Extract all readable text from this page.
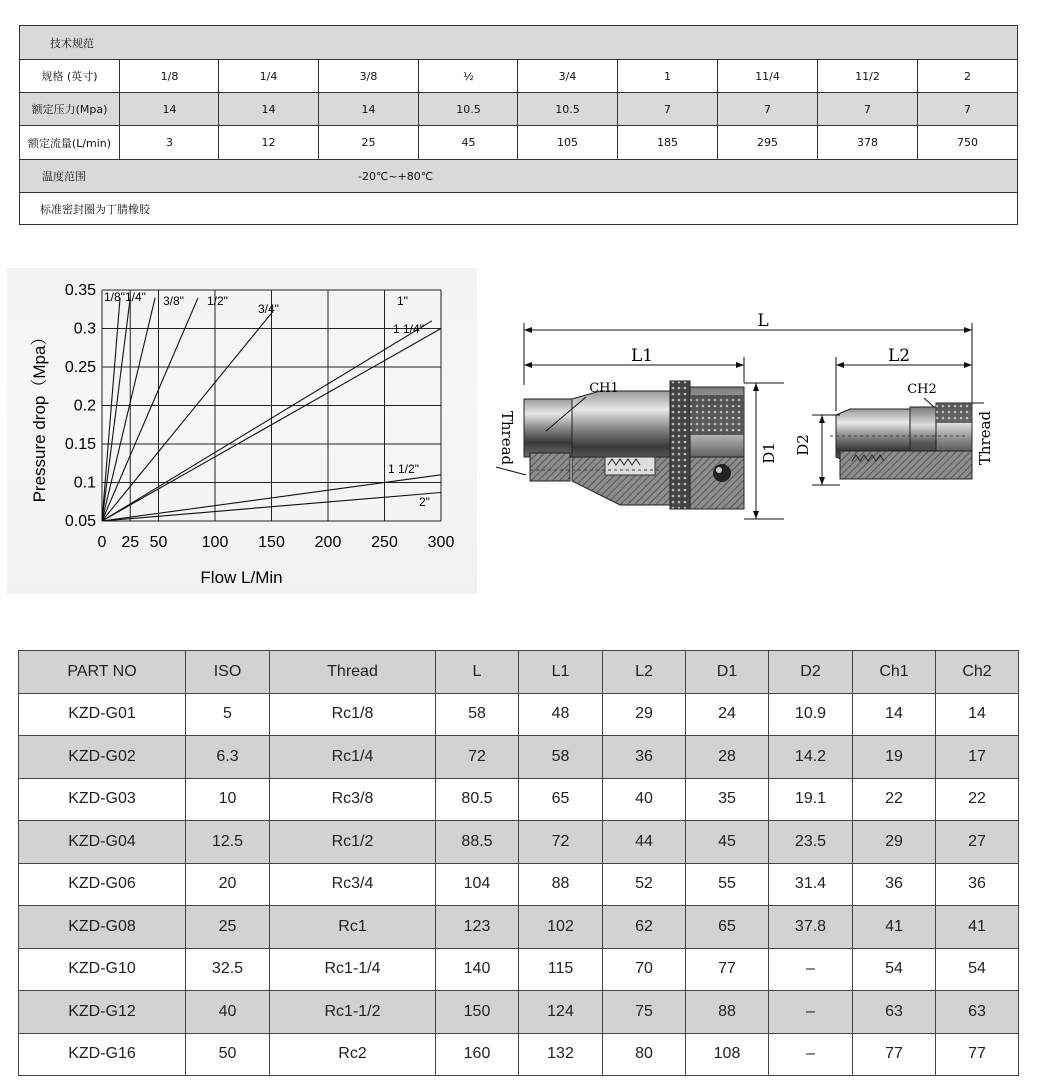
技术规范
规格 (英寸)	1/8	1/4	3/8	½	3/4	1	11/4	11/2	2
额定压力(Mpa)	14	14	14	10.5	10.5	7	7	7	7
额定流量(L/min)	3	12	25	45	105	185	295	378	750
温度范围	-20℃~+80℃
标准密封圈为丁腈橡胶
0 25 50 100 150 200 250 300
0.05
0.1
0.15
0.2
0.25
0.3
0.35
Flow L/Min
Pressure drop（Mpa）
1/8" 1/4" 3/8" 1/2"
3/4"
1"
1 1/4"
1 1/2"
2"
L
L1	L2
CH1
D1
CH2
D2
Thread	Thread
PART NO	ISO	Thread	L	L1	L2	D1	D2	Ch1	Ch2
KZD-G01	5	Rc1/8	58	48	29	24	10.9	14	14
KZD-G02	6.3	Rc1/4	72	58	36	28	14.2	19	17
KZD-G03	10	Rc3/8	80.5	65	40	35	19.1	22	22
KZD-G04	12.5	Rc1/2	88.5	72	44	45	23.5	29	27
KZD-G06	20	Rc3/4	104	88	52	55	31.4	36	36
KZD-G08	25	Rc1	123	102	62	65	37.8	41	41
KZD-G10	32.5	Rc1-1/4	140	115	70	77	–	54	54
KZD-G12	40	Rc1-1/2	150	124	75	88	–	63	63
KZD-G16	50	Rc2	160	132	80	108	–	77	77
